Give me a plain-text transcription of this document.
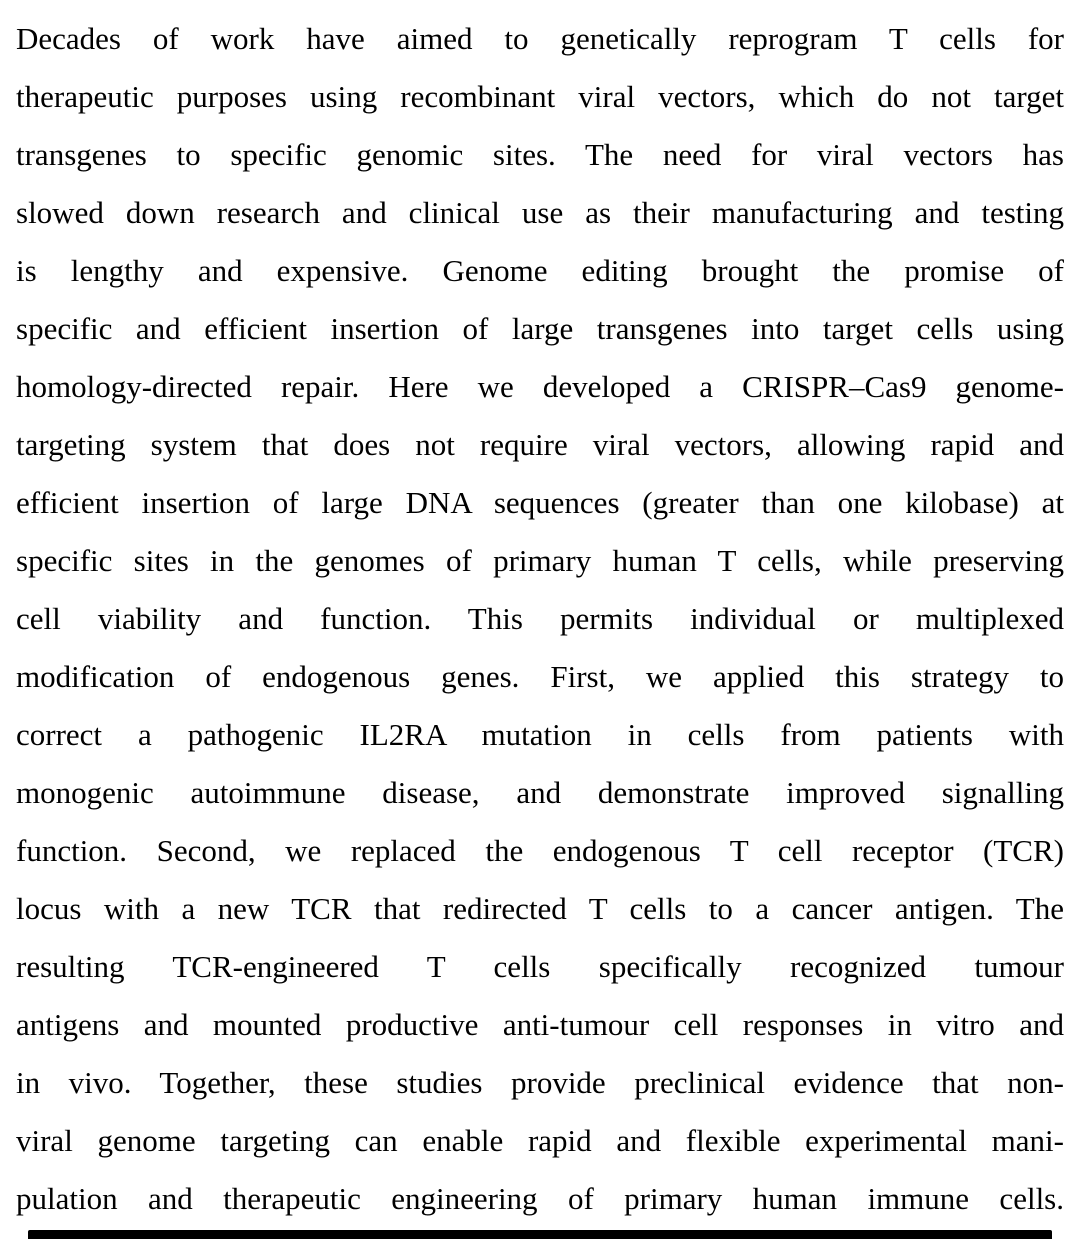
Decades of work have aimed to genetically reprogram T cells for
therapeutic purposes using recombinant viral vectors, which do not target
transgenes to specific genomic sites. The need for viral vectors has
slowed down research and clinical use as their manufacturing and testing
is lengthy and expensive. Genome editing brought the promise of
specific and efficient insertion of large transgenes into target cells using
homology-directed repair. Here we developed a CRISPR–Cas9 genome-
targeting system that does not require viral vectors, allowing rapid and
efficient insertion of large DNA sequences (greater than one kilobase) at
specific sites in the genomes of primary human T cells, while preserving
cell viability and function. This permits individual or multiplexed
modification of endogenous genes. First, we applied this strategy to
correct a pathogenic IL2RA mutation in cells from patients with
monogenic autoimmune disease, and demonstrate improved signalling
function. Second, we replaced the endogenous T cell receptor (TCR)
locus with a new TCR that redirected T cells to a cancer antigen. The
resulting TCR-engineered T cells specifically recognized tumour
antigens and mounted productive anti-tumour cell responses in vitro and
in vivo. Together, these studies provide preclinical evidence that non-
viral genome targeting can enable rapid and flexible experimental mani-
pulation and therapeutic engineering of primary human immune cells.
